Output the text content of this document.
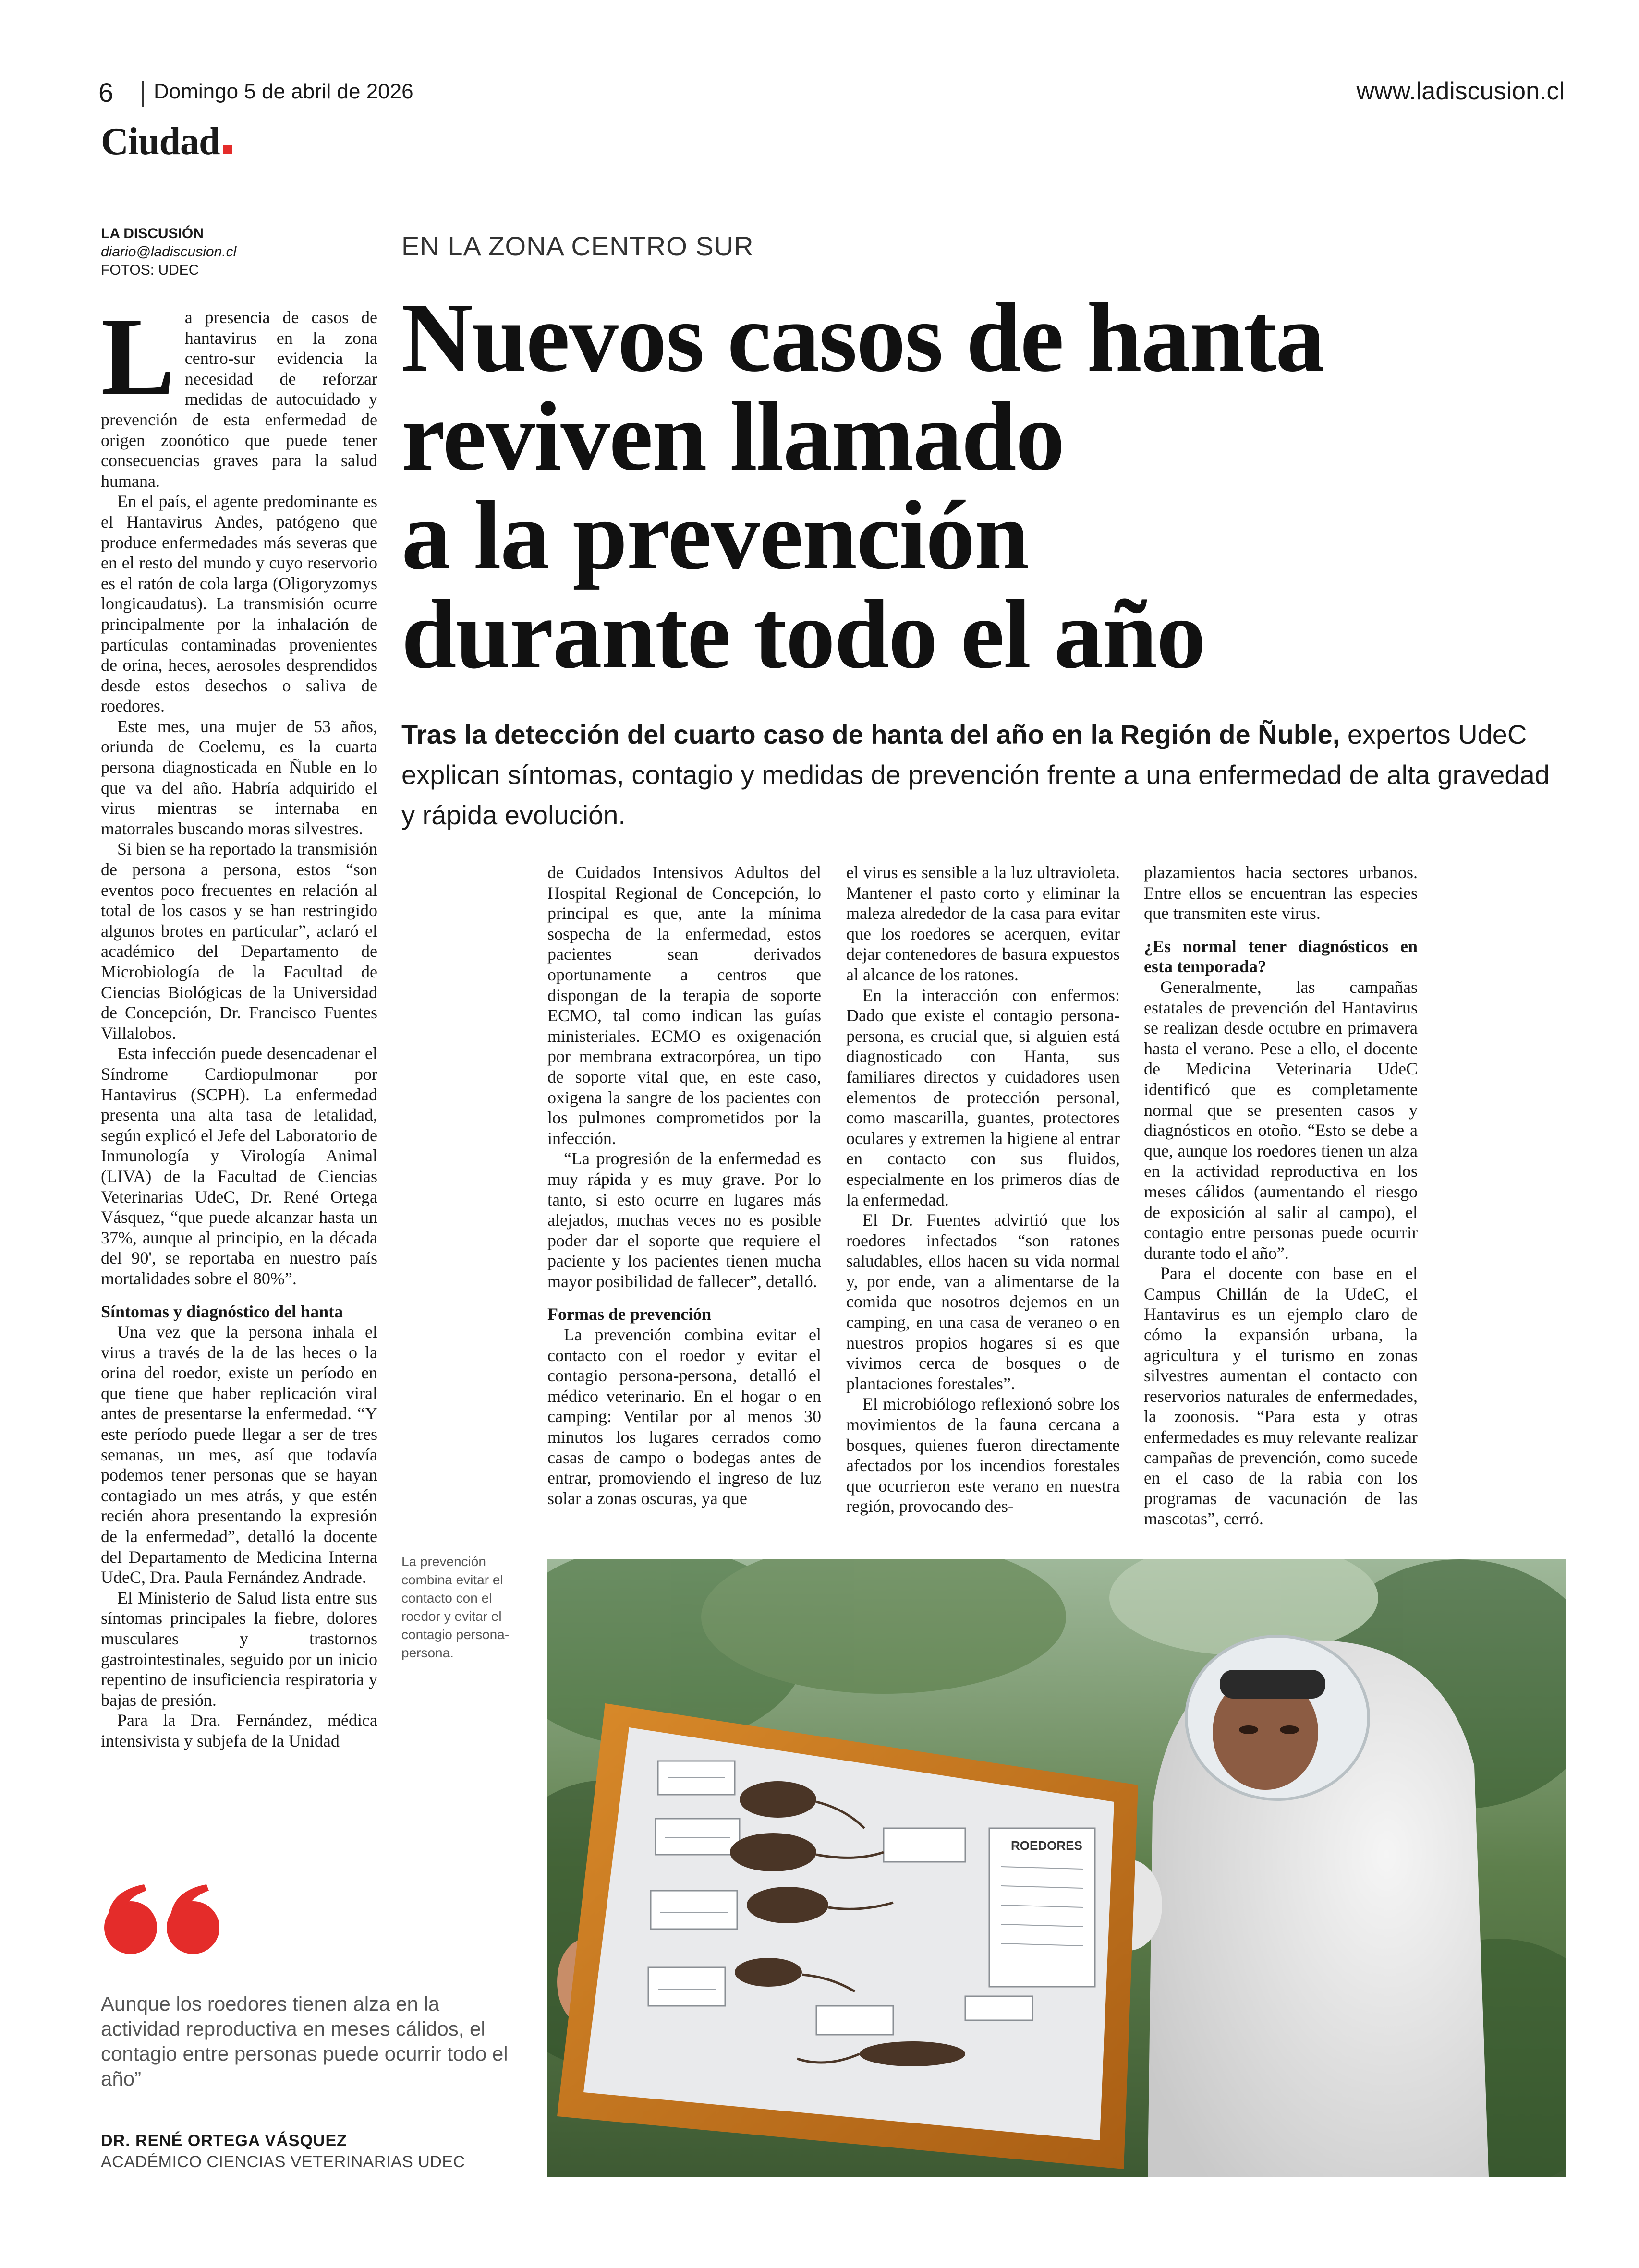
6 Domingo 5 de abril de 2026	www.ladiscusion.cl
Ciudad
LA DISCUSIÓN
diario@ladiscusion.cl
FOTOS: UDEC
EN LA ZONA CENTRO SUR
Nuevos casos de hanta
reviven llamado
a la prevención
durante todo el año
Tras la detección del cuarto caso de hanta del año en la Región de Ñuble, expertos UdeC explican síntomas, contagio y medidas de prevención frente a una enfermedad de alta gravedad y rápida evolución.
L a presencia de casos de hantavirus en la zona centro-sur evidencia la necesidad de reforzar medidas de autocuidado y prevención de esta enfermedad de origen zoonótico que puede tener consecuencias graves para la salud humana.

En el país, el agente predominante es el Hantavirus Andes, patógeno que produce enfermedades más severas que en el resto del mundo y cuyo reservorio es el ratón de cola larga (Oligoryzomys longicaudatus). La transmisión ocurre principalmente por la inhalación de partículas contaminadas provenientes de orina, heces, aerosoles desprendidos desde estos desechos o saliva de roedores.

Este mes, una mujer de 53 años, oriunda de Coelemu, es la cuarta persona diagnosticada en Ñuble en lo que va del año. Habría adquirido el virus mientras se internaba en matorrales buscando moras silvestres.

Si bien se ha reportado la transmisión de persona a persona, estos “son eventos poco frecuentes en relación al total de los casos y se han restringido algunos brotes en particular”, aclaró el académico del Departamento de Microbiología de la Facultad de Ciencias Biológicas de la Universidad de Concepción, Dr. Francisco Fuentes Villalobos.

Esta infección puede desencadenar el Síndrome Cardiopulmonar por Hantavirus (SCPH). La enfermedad presenta una alta tasa de letalidad, según explicó el Jefe del Laboratorio de Inmunología y Virología Animal (LIVA) de la Facultad de Ciencias Veterinarias UdeC, Dr. René Ortega Vásquez, “que puede alcanzar hasta un 37%, aunque al principio, en la década del 90', se reportaba en nuestro país mortalidades sobre el 80%”.

Síntomas y diagnóstico del hanta

Una vez que la persona inhala el virus a través de la de las heces o la orina del roedor, existe un período en que tiene que haber replicación viral antes de presentarse la enfermedad. “Y este período puede llegar a ser de tres semanas, un mes, así que todavía podemos tener personas que se hayan contagiado un mes atrás, y que estén recién ahora presentando la expresión de la enfermedad”, detalló la docente del Departamento de Medicina Interna UdeC, Dra. Paula Fernández Andrade.

El Ministerio de Salud lista entre sus síntomas principales la fiebre, dolores musculares y trastornos gastrointestinales, seguido por un inicio repentino de insuficiencia respiratoria y bajas de presión.

Para la Dra. Fernández, médica intensivista y subjefa de la Unidad

de Cuidados Intensivos Adultos del Hospital Regional de Concepción, lo principal es que, ante la mínima sospecha de la enfermedad, estos pacientes sean derivados oportunamente a centros que dispongan de la terapia de soporte ECMO, tal como indican las guías ministeriales. ECMO es oxigenación por membrana extracorpórea, un tipo de soporte vital que, en este caso, oxigena la sangre de los pacientes con los pulmones comprometidos por la infección.

“La progresión de la enfermedad es muy rápida y es muy grave. Por lo tanto, si esto ocurre en lugares más alejados, muchas veces no es posible poder dar el soporte que requiere el paciente y los pacientes tienen mucha mayor posibilidad de fallecer”, detalló.

Formas de prevención

La prevención combina evitar el contacto con el roedor y evitar el contagio persona-persona, detalló el médico veterinario. En el hogar o en camping: Ventilar por al menos 30 minutos los lugares cerrados como casas de campo o bodegas antes de entrar, promoviendo el ingreso de luz solar a zonas oscuras, ya que

el virus es sensible a la luz ultravioleta. Mantener el pasto corto y eliminar la maleza alrededor de la casa para evitar que los roedores se acerquen, evitar dejar contenedores de basura expuestos al alcance de los ratones.

En la interacción con enfermos: Dado que existe el contagio persona-persona, es crucial que, si alguien está diagnosticado con Hanta, sus familiares directos y cuidadores usen elementos de protección personal, como mascarilla, guantes, protectores oculares y extremen la higiene al entrar en contacto con sus fluidos, especialmente en los primeros días de la enfermedad.

El Dr. Fuentes advirtió que los roedores infectados “son ratones saludables, ellos hacen su vida normal y, por ende, van a alimentarse de la comida que nosotros dejemos en un camping, en una casa de veraneo o en nuestros propios hogares si es que vivimos cerca de bosques o de plantaciones forestales”.

El microbiólogo reflexionó sobre los movimientos de la fauna cercana a bosques, quienes fueron directamente afectados por los incendios forestales que ocurrieron este verano en nuestra región, provocando des-

plazamientos hacia sectores urbanos. Entre ellos se encuentran las especies que transmiten este virus.

¿Es normal tener diagnósticos en esta temporada?

Generalmente, las campañas estatales de prevención del Hantavirus se realizan desde octubre en primavera hasta el verano. Pese a ello, el docente de Medicina Veterinaria UdeC identificó que es completamente normal que se presenten casos y diagnósticos en otoño. “Esto se debe a que, aunque los roedores tienen un alza en la actividad reproductiva en los meses cálidos (aumentando el riesgo de exposición al salir al campo), el contagio entre personas puede ocurrir durante todo el año”.

Para el docente con base en el Campus Chillán de la UdeC, el Hantavirus es un ejemplo claro de cómo la expansión urbana, la agricultura y el turismo en zonas silvestres aumentan el contacto con reservorios naturales de enfermedades, la zoonosis. “Para esta y otras enfermedades es muy relevante realizar campañas de prevención, como sucede en el caso de la rabia con los programas de vacunación de las mascotas”, cerró.

La prevención combina evitar el contacto con el roedor y evitar el contagio persona-persona.
ROEDORES
Aunque los roedores tienen alza en la actividad reproductiva en meses cálidos, el contagio entre personas puede ocurrir todo el año”
DR. RENÉ ORTEGA VÁSQUEZ
ACADÉMICO CIENCIAS VETERINARIAS UDEC
